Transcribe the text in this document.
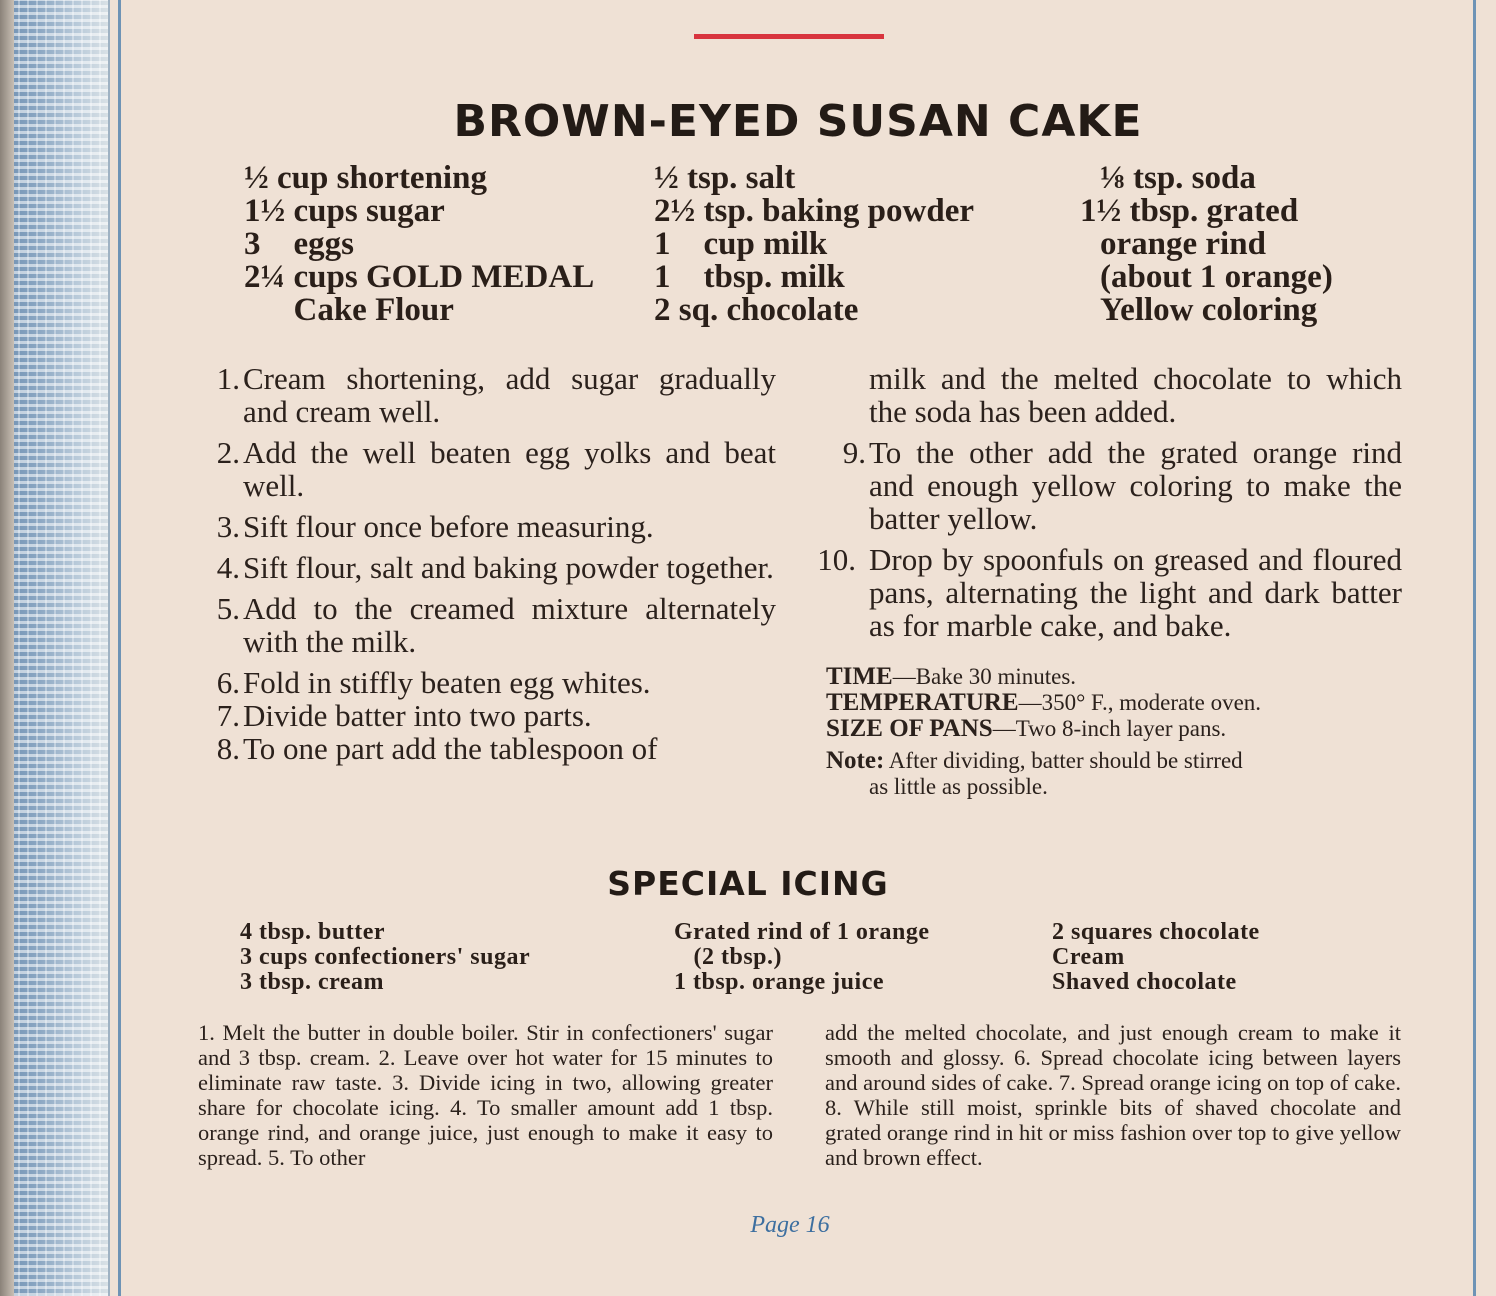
BROWN-EYED SUSAN CAKE
½ cup shortening
1½ cups sugar
3    eggs
2¼ cups GOLD MEDAL
Cake Flour
½ tsp. salt
2½ tsp. baking powder
1    cup milk
1    tbsp. milk
2 sq. chocolate
⅛ tsp. soda
1½ tbsp. grated
orange rind
(about 1 orange)
Yellow coloring
1. Cream shortening, add sugar gradually and cream well.
2. Add the well beaten egg yolks and beat well.
3. Sift flour once before measuring.
4. Sift flour, salt and baking powder together.
5. Add to the creamed mixture alternately with the milk.
6. Fold in stiffly beaten egg whites.
7. Divide batter into two parts.
8. To one part add the tablespoon of
milk and the melted chocolate to which the soda has been added.
9. To the other add the grated orange rind and enough yellow coloring to make the batter yellow.
10. Drop by spoonfuls on greased and floured pans, alternating the light and dark batter as for marble cake, and bake.
TIME—Bake 30 minutes.
TEMPERATURE—350° F., moderate oven.
SIZE OF PANS—Two 8-inch layer pans.
Note: After dividing, batter should be stirred
as little as possible.
SPECIAL ICING
4 tbsp. butter
3 cups confectioners' sugar
3 tbsp. cream
Grated rind of 1 orange
(2 tbsp.)
1 tbsp. orange juice
2 squares chocolate
Cream
Shaved chocolate
1. Melt the butter in double boiler. Stir in confectioners' sugar and 3 tbsp. cream. 2. Leave over hot water for 15 minutes to eliminate raw taste. 3. Divide icing in two, allowing greater share for chocolate icing. 4. To smaller amount add 1 tbsp. orange rind, and orange juice, just enough to make it easy to spread. 5. To other
add the melted chocolate, and just enough cream to make it smooth and glossy. 6. Spread chocolate icing between layers and around sides of cake. 7. Spread orange icing on top of cake. 8. While still moist, sprinkle bits of shaved chocolate and grated orange rind in hit or miss fashion over top to give yellow and brown effect.
Page 16
